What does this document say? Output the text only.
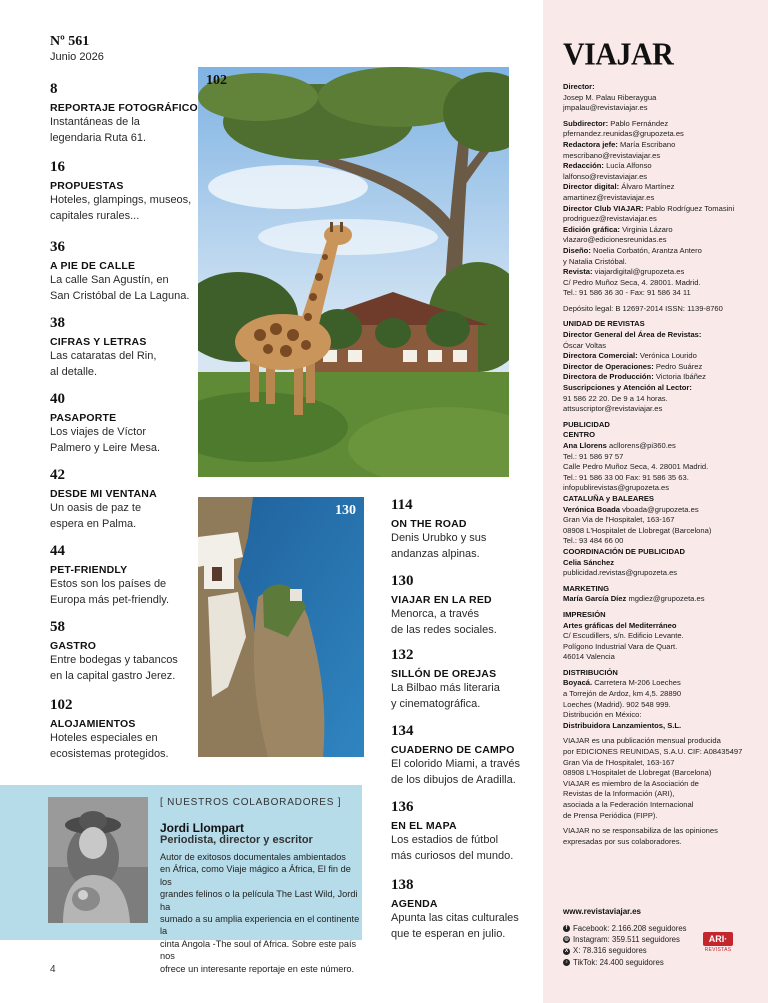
Nº 561
Junio 2026
8
REPORTAJE FOTOGRÁFICO
Instantáneas de la
legendaria Ruta 61.
16
PROPUESTAS
Hoteles, glampings, museos,
capitales rurales...
36
A PIE DE CALLE
La calle San Agustín, en
San Cristóbal de La Laguna.
38
CIFRAS Y LETRAS
Las cataratas del Rin,
al detalle.
40
PASAPORTE
Los viajes de Víctor
Palmero y Leire Mesa.
42
DESDE MI VENTANA
Un oasis de paz te
espera en Palma.
44
PET-FRIENDLY
Estos son los países de
Europa más pet-friendly.
58
GASTRO
Entre bodegas y tabancos
en la capital gastro Jerez.
102
ALOJAMIENTOS
Hoteles especiales en
ecosistemas protegidos.
114
ON THE ROAD
Denis Urubko y sus
andanzas alpinas.
130
VIAJAR EN LA RED
Menorca, a través
de las redes sociales.
132
SILLÓN DE OREJAS
La Bilbao más literaria
y cinematográfica.
134
CUADERNO DE CAMPO
El colorido Miami, a través
de los dibujos de Aradilla.
136
EN EL MAPA
Los estadios de fútbol
más curiosos del mundo.
138
AGENDA
Apunta las citas culturales
que te esperan en julio.
102
130
[ NUESTROS COLABORADORES ]
Jordi Llompart
Periodista, director y escritor
Autor de exitosos documentales ambientados
en África, como Viaje mágico a África, El fin de los
grandes felinos o la película The Last Wild, Jordi ha
sumado a su amplia experiencia en el continente la
cinta Angola -The soul of Africa. Sobre este país nos
ofrece un interesante reportaje en este número.
4
VIAJAR
Director:
Josep M. Palau Riberaygua
jmpalau@revistaviajar.es
Subdirector: Pablo Fernández
pfernandez.reunidas@grupozeta.es
Redactora jefe: María Escribano
mescribano@revistaviajar.es
Redacción: Lucía Alfonso
lalfonso@revistaviajar.es
Director digital: Álvaro Martínez
amartinez@revistaviajar.es
Director Club VIAJAR: Pablo Rodríguez Tomasini
prodriguez@revistaviajar.es
Edición gráfica: Virginia Lázaro
vlazaro@edicionesreunidas.es
Diseño: Noelia Corbatón, Arantza Antero
y Natalia Cristóbal.
Revista: viajardigital@grupozeta.es
C/ Pedro Muñoz Seca, 4. 28001. Madrid.
Tel.: 91 586 36 30 - Fax: 91 586 34 11
Depósito legal: B 12697-2014 ISSN: 1139-8760
UNIDAD DE REVISTAS
Director General del Área de Revistas:
Óscar Voltas
Directora Comercial: Verónica Lourido
Director de Operaciones: Pedro Suárez
Directora de Producción: Victoria Ibáñez
Suscripciones y Atención al Lector:
91 586 22 20. De 9 a 14 horas.
attsuscriptor@revistaviajar.es
PUBLICIDAD
CENTRO
Ana Llorens acllorens@pi360.es
Tel.: 91 586 97 57
Calle Pedro Muñoz Seca, 4. 28001 Madrid.
Tel.: 91 586 33 00 Fax: 91 586 35 63.
infopublirevistas@grupozeta.es
CATALUÑA y BALEARES
Verónica Boada vboada@grupozeta.es
Gran Via de l'Hospitalet, 163-167
08908 L'Hospitalet de Llobregat (Barcelona)
Tel.: 93 484 66 00
COORDINACIÓN DE PUBLICIDAD
Celia Sánchez
publicidad.revistas@grupozeta.es
MARKETING
María García Díez mgdiez@grupozeta.es
IMPRESIÓN
Artes gráficas del Mediterráneo
C/ Escudillers, s/n. Edificio Levante.
Polígono Industrial Vara de Quart.
46014 Valencia
DISTRIBUCIÓN
Boyacá. Carretera M-206 Loeches
a Torrejón de Ardoz, km 4,5. 28890
Loeches (Madrid). 902 548 999.
Distribución en México:
Distribuidora Lanzamientos, S.L.
VIAJAR es una publicación mensual producida
por EDICIONES REUNIDAS, S.A.U. CIF: A08435497
Gran Via de l'Hospitalet, 163-167
08908 L'Hospitalet de Llobregat (Barcelona)
VIAJAR es miembro de la Asociación de
Revistas de la Información (ARI),
asociada a la Federación Internacional
de Prensa Periódica (FIPP).
VIAJAR no se responsabiliza de las opiniones
expresadas por sus colaboradores.
www.revistaviajar.es
f Facebook: 2.166.208 seguidores
◎ Instagram: 359.511 seguidores
X X: 78.316 seguidores
♪ TikTok: 24.400 seguidores
ARI·
REVISTAS
